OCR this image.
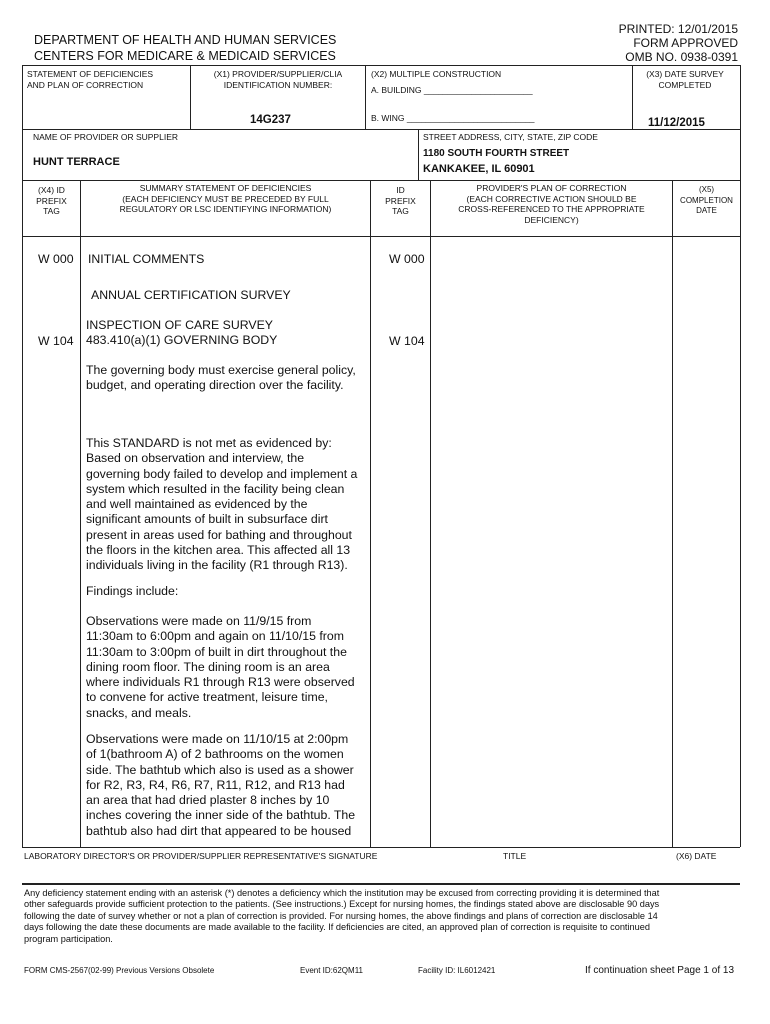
PRINTED: 12/01/2015
FORM APPROVED
OMB NO. 0938-0391
DEPARTMENT OF HEALTH AND HUMAN SERVICES
CENTERS FOR MEDICARE & MEDICAID SERVICES
STATEMENT OF DEFICIENCIES
AND PLAN OF CORRECTION
(X1) PROVIDER/SUPPLIER/CLIA
IDENTIFICATION NUMBER:
14G237
(X2) MULTIPLE CONSTRUCTION
A. BUILDING _______________________
B. WING ___________________________
(X3) DATE SURVEY
COMPLETED
11/12/2015
NAME OF PROVIDER OR SUPPLIER
HUNT TERRACE
STREET ADDRESS, CITY, STATE, ZIP CODE
1180 SOUTH FOURTH STREET
KANKAKEE, IL 60901
(X4) ID
PREFIX
TAG
SUMMARY STATEMENT OF DEFICIENCIES
(EACH DEFICIENCY MUST BE PRECEDED BY FULL
REGULATORY OR LSC IDENTIFYING INFORMATION)
ID
PREFIX
TAG
PROVIDER'S PLAN OF CORRECTION
(EACH CORRECTIVE ACTION SHOULD BE
CROSS-REFERENCED TO THE APPROPRIATE
DEFICIENCY)
(X5)
COMPLETION
DATE
W 000 INITIAL COMMENTS	W 000
ANNUAL CERTIFICATION SURVEY
INSPECTION OF CARE SURVEY
483.410(a)(1) GOVERNING BODY
W 104	W 104
The governing body must exercise general policy,
budget, and operating direction over the facility.
This STANDARD is not met as evidenced by:
Based on observation and interview, the
governing body failed to develop and implement a
system which resulted in the facility being clean
and well maintained as evidenced by the
significant amounts of built in subsurface dirt
present in areas used for bathing and throughout
the floors in the kitchen area. This affected all 13
individuals living in the facility (R1 through R13).
Findings include:
Observations were made on 11/9/15 from
11:30am to 6:00pm and again on 11/10/15 from
11:30am to 3:00pm of built in dirt throughout the
dining room floor. The dining room is an area
where individuals R1 through R13 were observed
to convene for active treatment, leisure time,
snacks, and meals.
Observations were made on 11/10/15 at 2:00pm
of 1(bathroom A) of 2 bathrooms on the women
side. The bathtub which also is used as a shower
for R2, R3, R4, R6, R7, R11, R12, and R13 had
an area that had dried plaster 8 inches by 10
inches covering the inner side of the bathtub. The
bathtub also had dirt that appeared to be housed
LABORATORY DIRECTOR'S OR PROVIDER/SUPPLIER REPRESENTATIVE'S SIGNATURE	TITLE	(X6) DATE
Any deficiency statement ending with an asterisk (*) denotes a deficiency which the institution may be excused from correcting providing it is determined that
other safeguards provide sufficient protection to the patients. (See instructions.) Except for nursing homes, the findings stated above are disclosable 90 days
following the date of survey whether or not a plan of correction is provided. For nursing homes, the above findings and plans of correction are disclosable 14
days following the date these documents are made available to the facility. If deficiencies are cited, an approved plan of correction is requisite to continued
program participation.
FORM CMS-2567(02-99) Previous Versions Obsolete	Event ID:62QM11	Facility ID: IL6012421	If continuation sheet Page 1 of 13
